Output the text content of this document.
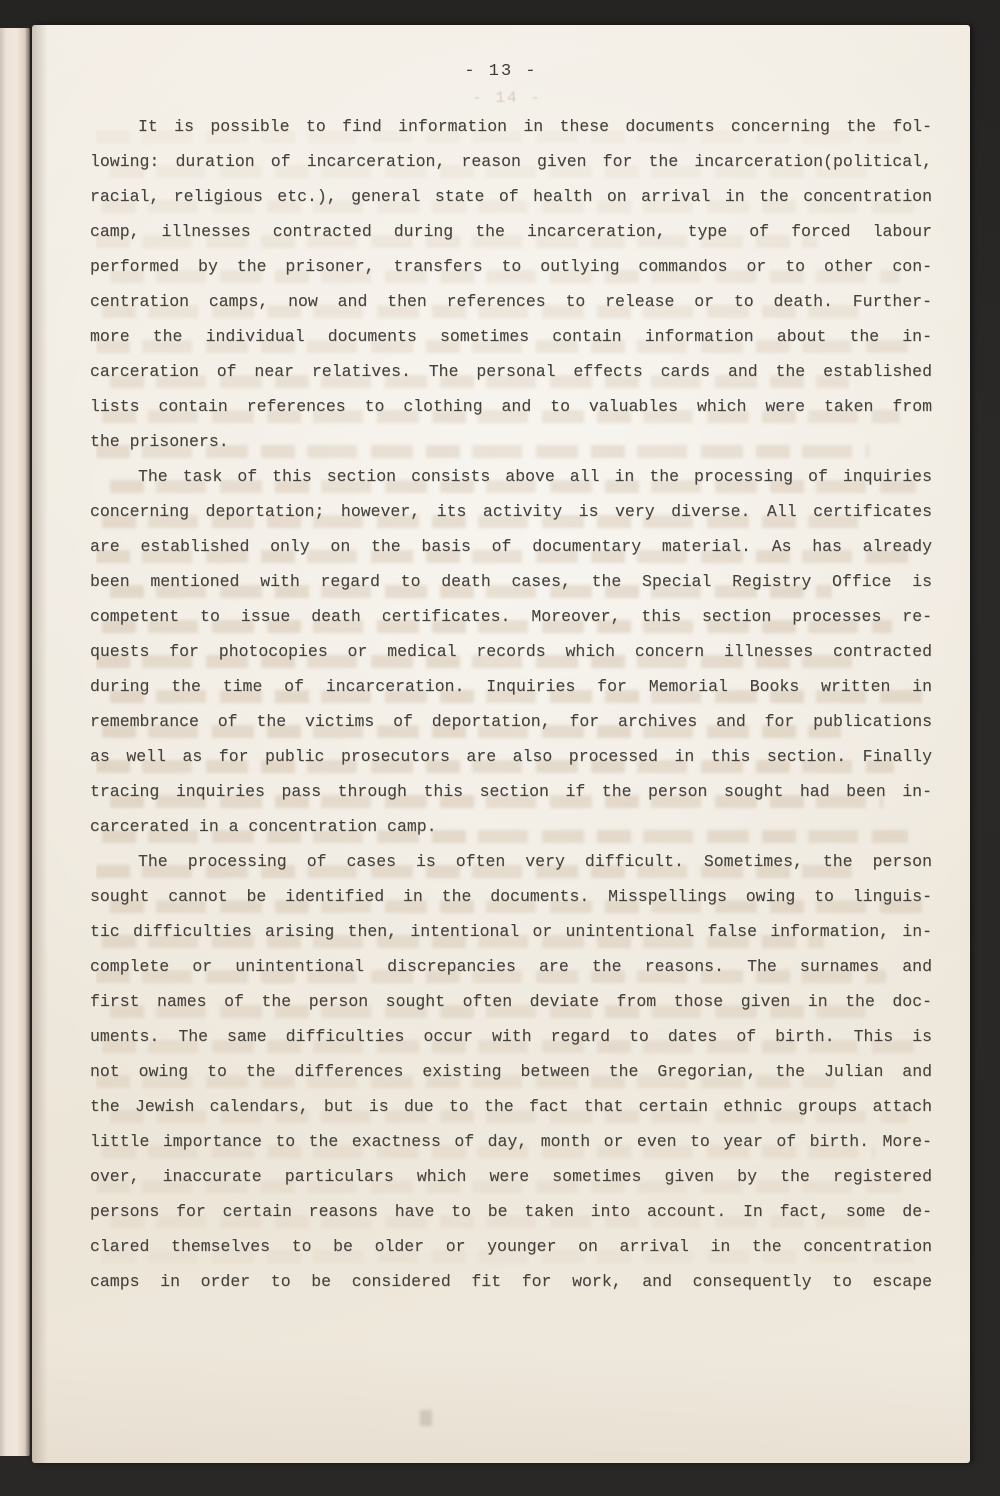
- 13 -
- 14 -
It is possible to find information in these documents concerning the fol-
lowing: duration of incarceration, reason given for the incarceration(political,
racial, religious etc.), general state of health on arrival in the concentration
camp, illnesses contracted during the incarceration, type of forced labour
performed by the prisoner, transfers to outlying commandos or to other con-
centration camps, now and then references to release or to death. Further-
more the individual documents sometimes contain information about the in-
carceration of near relatives. The personal effects cards and the established
lists contain references to clothing and to valuables which were taken from
the prisoners.
The task of this section consists above all in the processing of inquiries
concerning deportation; however, its activity is very diverse. All certificates
are established only on the basis of documentary material. As has already
been mentioned with regard to death cases, the Special Registry Office is
competent to issue death certificates. Moreover, this section processes re-
quests for photocopies or medical records which concern illnesses contracted
during the time of incarceration. Inquiries for Memorial Books written in
remembrance of the victims of deportation, for archives and for publications
as well as for public prosecutors are also processed in this section. Finally
tracing inquiries pass through this section if the person sought had been in-
carcerated in a concentration camp.
The processing of cases is often very difficult. Sometimes, the person
sought cannot be identified in the documents. Misspellings owing to linguis-
tic difficulties arising then, intentional or unintentional false information, in-
complete or unintentional discrepancies are the reasons. The surnames and
first names of the person sought often deviate from those given in the doc-
uments. The same difficulties occur with regard to dates of birth. This is
not owing to the differences existing between the Gregorian, the Julian and
the Jewish calendars, but is due to the fact that certain ethnic groups attach
little importance to the exactness of day, month or even to year of birth. More-
over, inaccurate particulars which were sometimes given by the registered
persons for certain reasons have to be taken into account. In fact, some de-
clared themselves to be older or younger on arrival in the concentration
camps in order to be considered fit for work, and consequently to escape
